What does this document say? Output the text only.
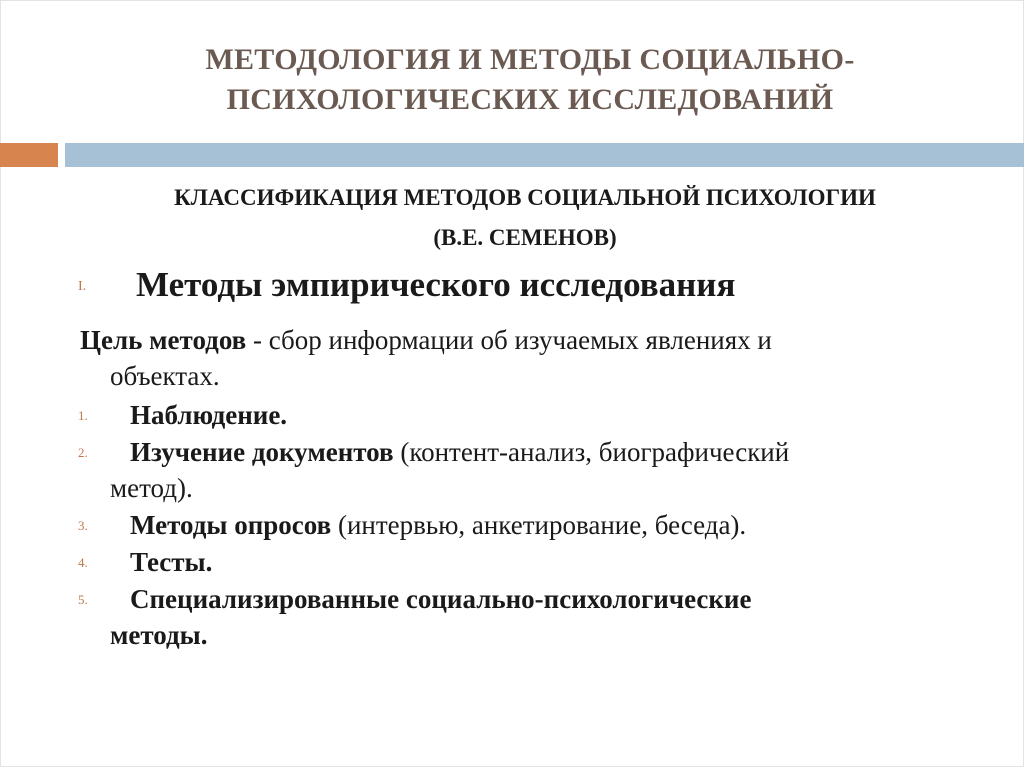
МЕТОДОЛОГИЯ И МЕТОДЫ СОЦИАЛЬНО-
ПСИХОЛОГИЧЕСКИХ ИССЛЕДОВАНИЙ
КЛАССИФИКАЦИЯ МЕТОДОВ СОЦИАЛЬНОЙ ПСИХОЛОГИИ
(В.Е. СЕМЕНОВ)
I. Методы эмпирического исследования
Цель методов - сбор информации об изучаемых явлениях и
объектах.
1.	Наблюдение.
2.	Изучение документов (контент-анализ, биографический
метод).
3.	Методы опросов (интервью, анкетирование, беседа).
4.	Тесты.
5.	Специализированные социально-психологические
методы.
